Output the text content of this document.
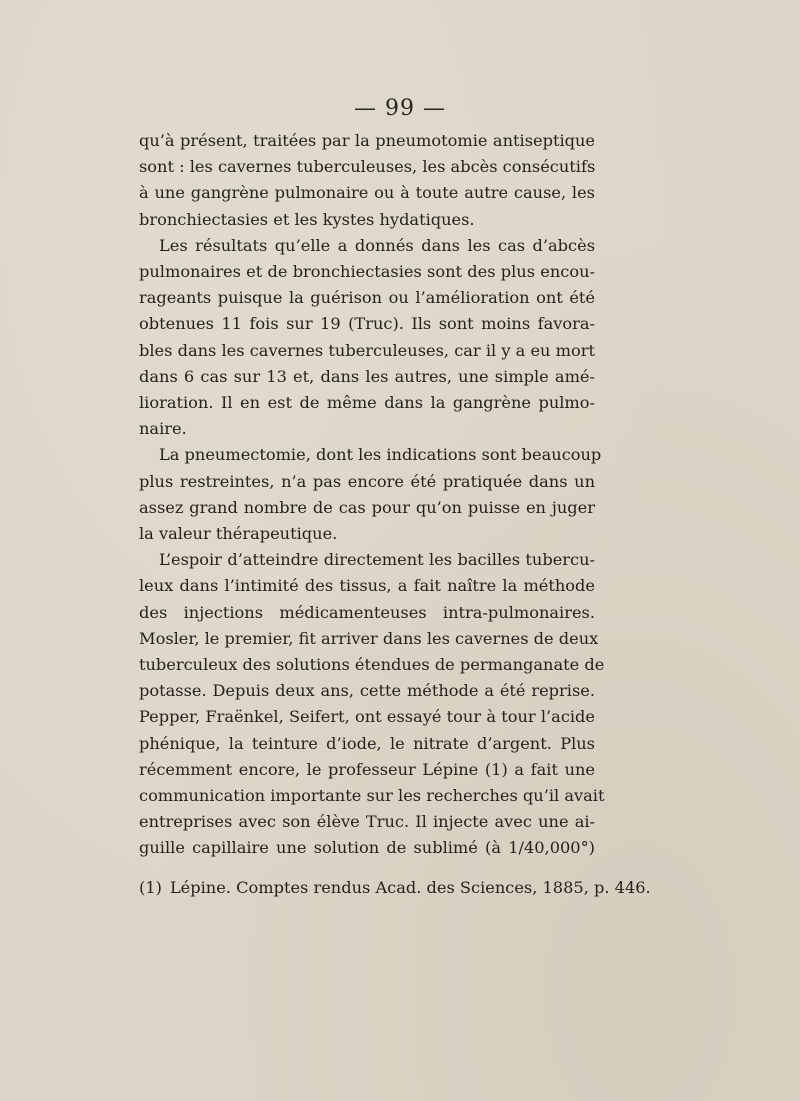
— 99 —
qu’à présent, traitées par la pneumotomie antiseptique
sont : les cavernes tuberculeuses, les abcès consécutifs
à une gangrène pulmonaire ou à toute autre cause, les
bronchiectasies et les kystes hydatiques.
Les résultats qu’elle a donnés dans les cas d’abcès
pulmonaires et de bronchiectasies sont des plus encou-
rageants puisque la guérison ou l’amélioration ont été
obtenues 11 fois sur 19 (Truc). Ils sont moins favora-
bles dans les cavernes tuberculeuses, car il y a eu mort
dans 6 cas sur 13 et, dans les autres, une simple amé-
lioration. Il en est de même dans la gangrène pulmo-
naire.
La pneumectomie, dont les indications sont beaucoup
plus restreintes, n’a pas encore été pratiquée dans un
assez grand nombre de cas pour qu’on puisse en juger
la valeur thérapeutique.
L’espoir d’atteindre directement les bacilles tubercu-
leux dans l’intimité des tissus, a fait naître la méthode
des injections médicamenteuses intra-pulmonaires.
Mosler, le premier, fit arriver dans les cavernes de deux
tuberculeux des solutions étendues de permanganate de
potasse. Depuis deux ans, cette méthode a été reprise.
Pepper, Fraënkel, Seifert, ont essayé tour à tour l’acide
phénique, la teinture d’iode, le nitrate d’argent. Plus
récemment encore, le professeur Lépine (1) a fait une
communication importante sur les recherches qu’il avait
entreprises avec son élève Truc. Il injecte avec une ai-
guille capillaire une solution de sublimé (à 1/40,000°)
(1) Lépine. Comptes rendus Acad. des Sciences, 1885, p. 446.
